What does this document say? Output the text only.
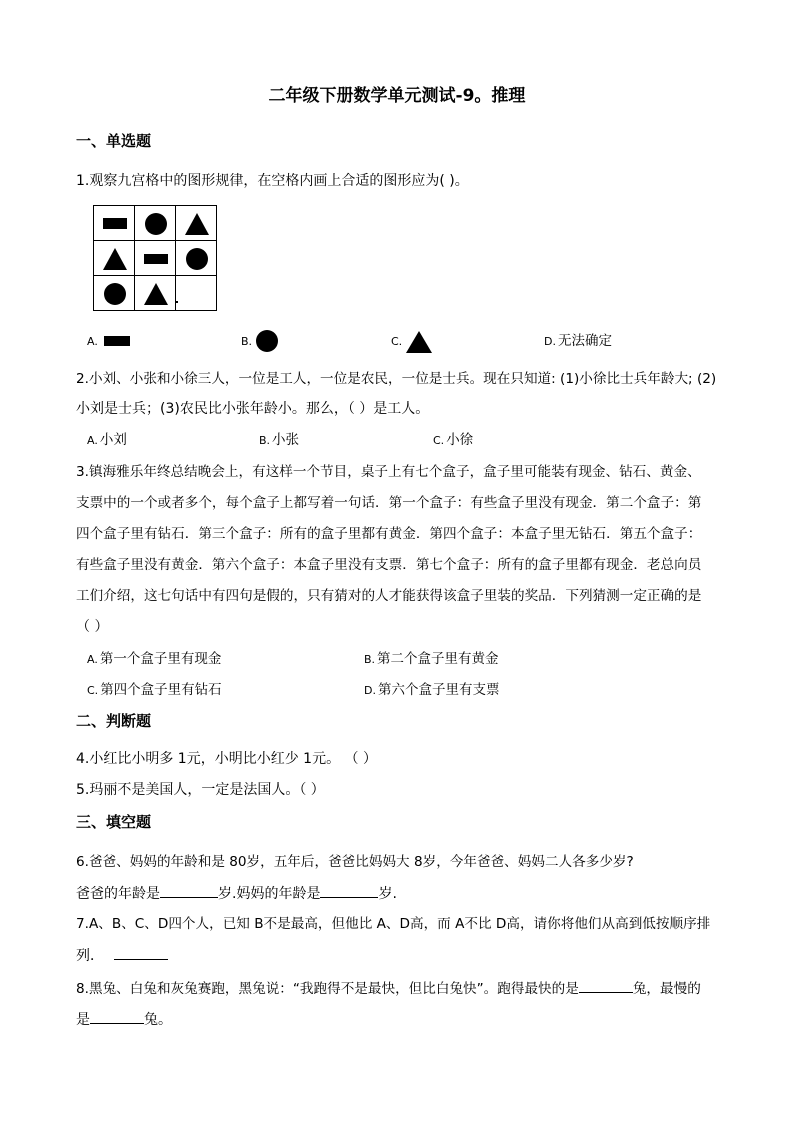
二年级下册数学单元测试-9。推理
一、单选题
1.观察九宫格中的图形规律，在空格内画上合适的图形应为( )。
A.	B.	C.	D. 无法确定
2.小刘、小张和小徐三人，一位是工人，一位是农民，一位是士兵。现在只知道: (1)小徐比士兵年龄大; (2)
小刘是士兵；(3)农民比小张年龄小。那么，（ ）是工人。
A. 小刘	B. 小张	C. 小徐
3.镇海雅乐年终总结晚会上，有这样一个节目，桌子上有七个盒子，盒子里可能装有现金、钻石、黄金、
支票中的一个或者多个，每个盒子上都写着一句话．第一个盒子：有些盒子里没有现金．第二个盒子：第
四个盒子里有钻石．第三个盒子：所有的盒子里都有黄金．第四个盒子：本盒子里无钻石．第五个盒子：
有些盒子里没有黄金．第六个盒子：本盒子里没有支票．第七个盒子：所有的盒子里都有现金．老总向员
工们介绍，这七句话中有四句是假的，只有猜对的人才能获得该盒子里装的奖品．下列猜测一定正确的是
（ ）
A. 第一个盒子里有现金	B. 第二个盒子里有黄金
C. 第四个盒子里有钻石	D. 第六个盒子里有支票
二、判断题
4.小红比小明多 1元，小明比小红少 1元。 （ ）
5.玛丽不是美国人，一定是法国人。（ ）
三、填空题
6.爸爸、妈妈的年龄和是 80岁，五年后，爸爸比妈妈大 8岁，今年爸爸、妈妈二人各多少岁?
爸爸的年龄是	岁.妈妈的年龄是	岁.
7.A、B、C、D四个人，已知 B不是最高，但他比 A、D高，而 A不比 D高，请你将他们从高到低按顺序排
列．
8.黑兔、白兔和灰兔赛跑，黑兔说：“我跑得不是最快，但比白兔快”。跑得最快的是	兔，最慢的
是	兔。
